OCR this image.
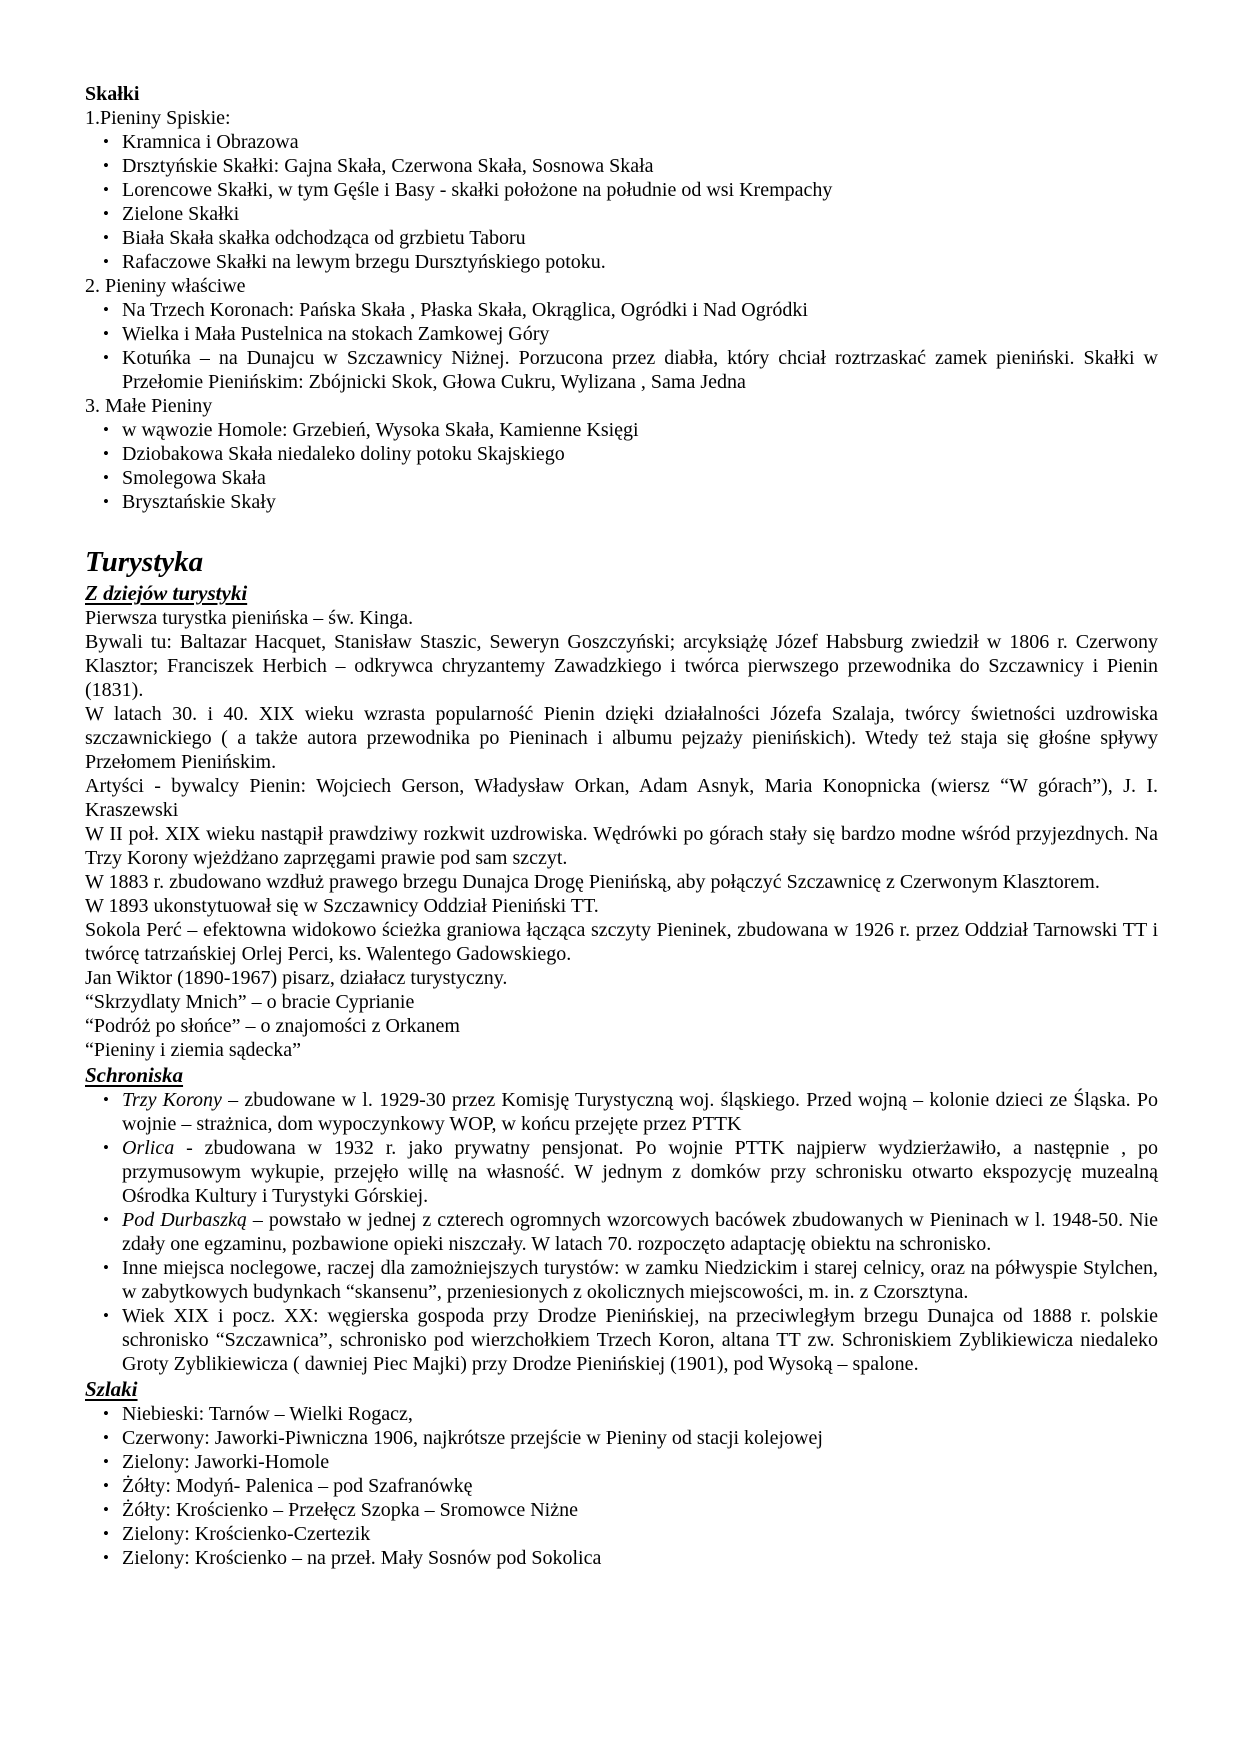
Skałki
1.Pieniny Spiskie:
• Kramnica i Obrazowa
• Drsztyńskie Skałki: Gajna Skała, Czerwona Skała, Sosnowa Skała
• Lorencowe Skałki, w tym Gęśle i Basy - skałki położone na południe od wsi Krempachy
• Zielone Skałki
• Biała Skała skałka odchodząca od grzbietu Taboru
• Rafaczowe Skałki na lewym brzegu Dursztyńskiego potoku.
2. Pieniny właściwe
• Na Trzech Koronach: Pańska Skała , Płaska Skała, Okrąglica, Ogródki i Nad Ogródki
• Wielka i Mała Pustelnica na stokach Zamkowej Góry
• Kotuńka – na Dunajcu w Szczawnicy Niżnej. Porzucona przez diabła, który chciał roztrzaskać zamek pieniński. Skałki w Przełomie Pienińskim: Zbójnicki Skok, Głowa Cukru, Wylizana , Sama Jedna
3. Małe Pieniny
• w wąwozie Homole: Grzebień, Wysoka Skała, Kamienne Księgi
• Dziobakowa Skała niedaleko doliny potoku Skajskiego
• Smolegowa Skała
• Brysztańskie Skały
Turystyka
Z dziejów turystyki
Pierwsza turystka pienińska – św. Kinga.
Bywali tu: Baltazar Hacquet, Stanisław Staszic, Seweryn Goszczyński; arcyksiążę Józef Habsburg zwiedził w 1806 r. Czerwony Klasztor; Franciszek Herbich – odkrywca chryzantemy Zawadzkiego i twórca pierwszego przewodnika do Szczawnicy i Pienin (1831).
W latach 30. i 40. XIX wieku wzrasta popularność Pienin dzięki działalności Józefa Szalaja, twórcy świetności uzdrowiska szczawnickiego ( a także autora przewodnika po Pieninach i albumu pejzaży pienińskich). Wtedy też staja się głośne spływy Przełomem Pienińskim.
Artyści - bywalcy Pienin: Wojciech Gerson, Władysław Orkan, Adam Asnyk, Maria Konopnicka (wiersz “W górach”), J. I. Kraszewski
W II poł. XIX wieku nastąpił prawdziwy rozkwit uzdrowiska. Wędrówki po górach stały się bardzo modne wśród przyjezdnych. Na Trzy Korony wjeżdżano zaprzęgami prawie pod sam szczyt.
W 1883 r. zbudowano wzdłuż prawego brzegu Dunajca Drogę Pienińską, aby połączyć Szczawnicę z Czerwonym Klasztorem.
W 1893 ukonstytuował się w Szczawnicy Oddział Pieniński TT.
Sokola Perć – efektowna widokowo ścieżka graniowa łącząca szczyty Pieninek, zbudowana w 1926 r. przez Oddział Tarnowski TT i twórcę tatrzańskiej Orlej Perci, ks. Walentego Gadowskiego.
Jan Wiktor (1890-1967) pisarz, działacz turystyczny.
“Skrzydlaty Mnich” – o bracie Cyprianie
“Podróż po słońce” – o znajomości z Orkanem
“Pieniny i ziemia sądecka”
Schroniska
• Trzy Korony – zbudowane w l. 1929-30 przez Komisję Turystyczną woj. śląskiego. Przed wojną – kolonie dzieci ze Śląska. Po wojnie – strażnica, dom wypoczynkowy WOP, w końcu przejęte przez PTTK
• Orlica - zbudowana w 1932 r. jako prywatny pensjonat. Po wojnie PTTK najpierw wydzierżawiło, a następnie , po przymusowym wykupie, przejęło willę na własność. W jednym z domków przy schronisku otwarto ekspozycję muzealną Ośrodka Kultury i Turystyki Górskiej.
• Pod Durbaszką – powstało w jednej z czterech ogromnych wzorcowych bacówek zbudowanych w Pieninach w l. 1948-50. Nie zdały one egzaminu, pozbawione opieki niszczały. W latach 70. rozpoczęto adaptację obiektu na schronisko.
• Inne miejsca noclegowe, raczej dla zamożniejszych turystów: w zamku Niedzickim i starej celnicy, oraz na półwyspie Stylchen, w zabytkowych budynkach “skansenu”, przeniesionych z okolicznych miejscowości, m. in. z Czorsztyna.
• Wiek XIX i pocz. XX: węgierska gospoda przy Drodze Pienińskiej, na przeciwległym brzegu Dunajca od 1888 r. polskie schronisko “Szczawnica”, schronisko pod wierzchołkiem Trzech Koron, altana TT zw. Schroniskiem Zyblikiewicza niedaleko Groty Zyblikiewicza ( dawniej Piec Majki) przy Drodze Pienińskiej (1901), pod Wysoką – spalone.
Szlaki
• Niebieski: Tarnów – Wielki Rogacz,
• Czerwony: Jaworki-Piwniczna 1906, najkrótsze przejście w Pieniny od stacji kolejowej
• Zielony: Jaworki-Homole
• Żółty: Modyń- Palenica – pod Szafranówkę
• Żółty: Krościenko – Przełęcz Szopka – Sromowce Niżne
• Zielony: Krościenko-Czertezik
• Zielony: Krościenko – na przeł. Mały Sosnów pod Sokolica
